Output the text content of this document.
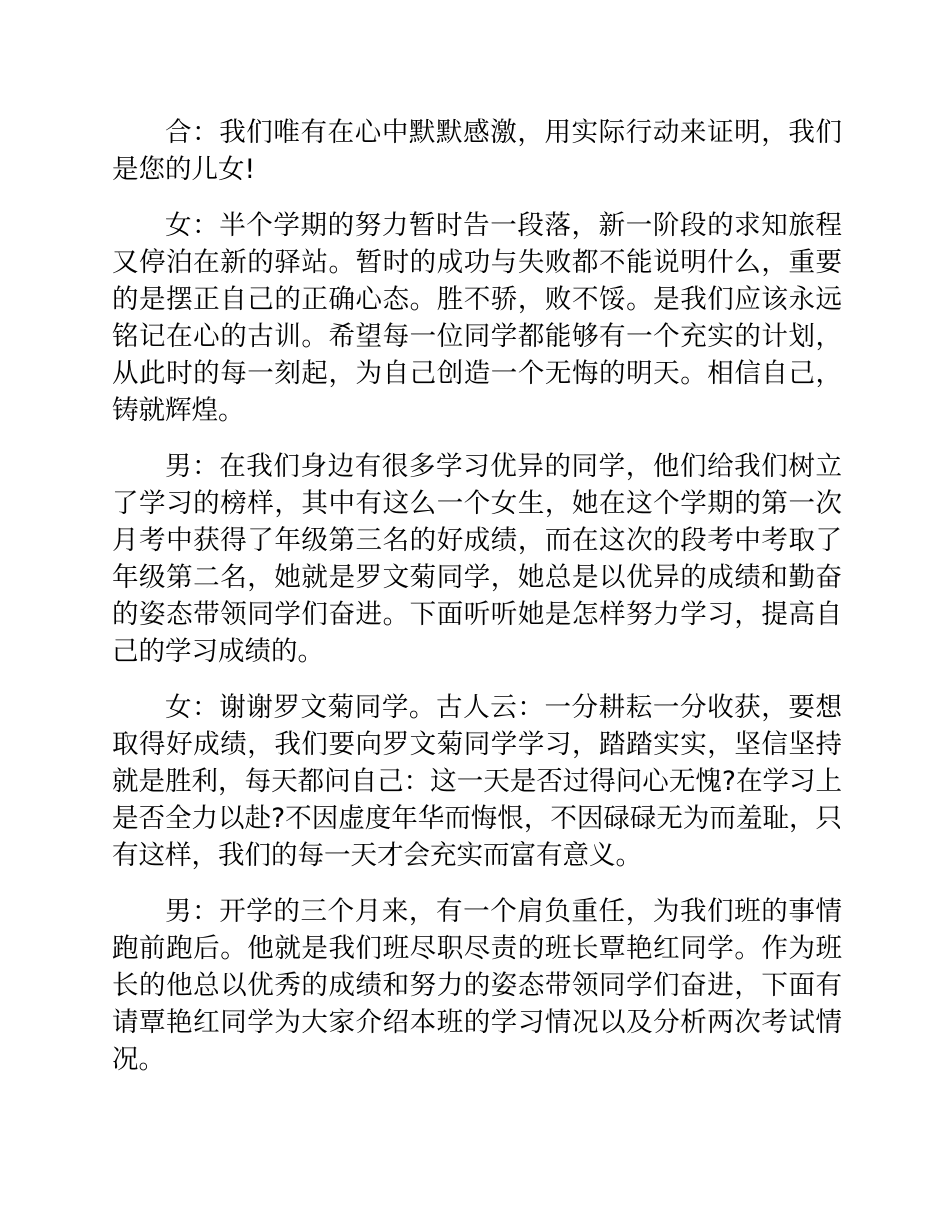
合：我们唯有在心中默默感激，用实际行动来证明，我们是您的儿女!

女：半个学期的努力暂时告一段落，新一阶段的求知旅程又停泊在新的驿站。暂时的成功与失败都不能说明什么，重要的是摆正自己的正确心态。胜不骄，败不馁。是我们应该永远铭记在心的古训。希望每一位同学都能够有一个充实的计划，从此时的每一刻起，为自己创造一个无悔的明天。相信自己，铸就辉煌。

男：在我们身边有很多学习优异的同学，他们给我们树立了学习的榜样，其中有这么一个女生，她在这个学期的第一次月考中获得了年级第三名的好成绩，而在这次的段考中考取了年级第二名，她就是罗文菊同学，她总是以优异的成绩和勤奋的姿态带领同学们奋进。下面听听她是怎样努力学习，提高自己的学习成绩的。

女：谢谢罗文菊同学。古人云：一分耕耘一分收获，要想取得好成绩，我们要向罗文菊同学学习，踏踏实实，坚信坚持就是胜利，每天都问自己：这一天是否过得问心无愧?在学习上是否全力以赴?不因虚度年华而悔恨，不因碌碌无为而羞耻，只有这样，我们的每一天才会充实而富有意义。

男：开学的三个月来，有一个肩负重任，为我们班的事情跑前跑后。他就是我们班尽职尽责的班长覃艳红同学。作为班长的他总以优秀的成绩和努力的姿态带领同学们奋进，下面有请覃艳红同学为大家介绍本班的学习情况以及分析两次考试情况。
